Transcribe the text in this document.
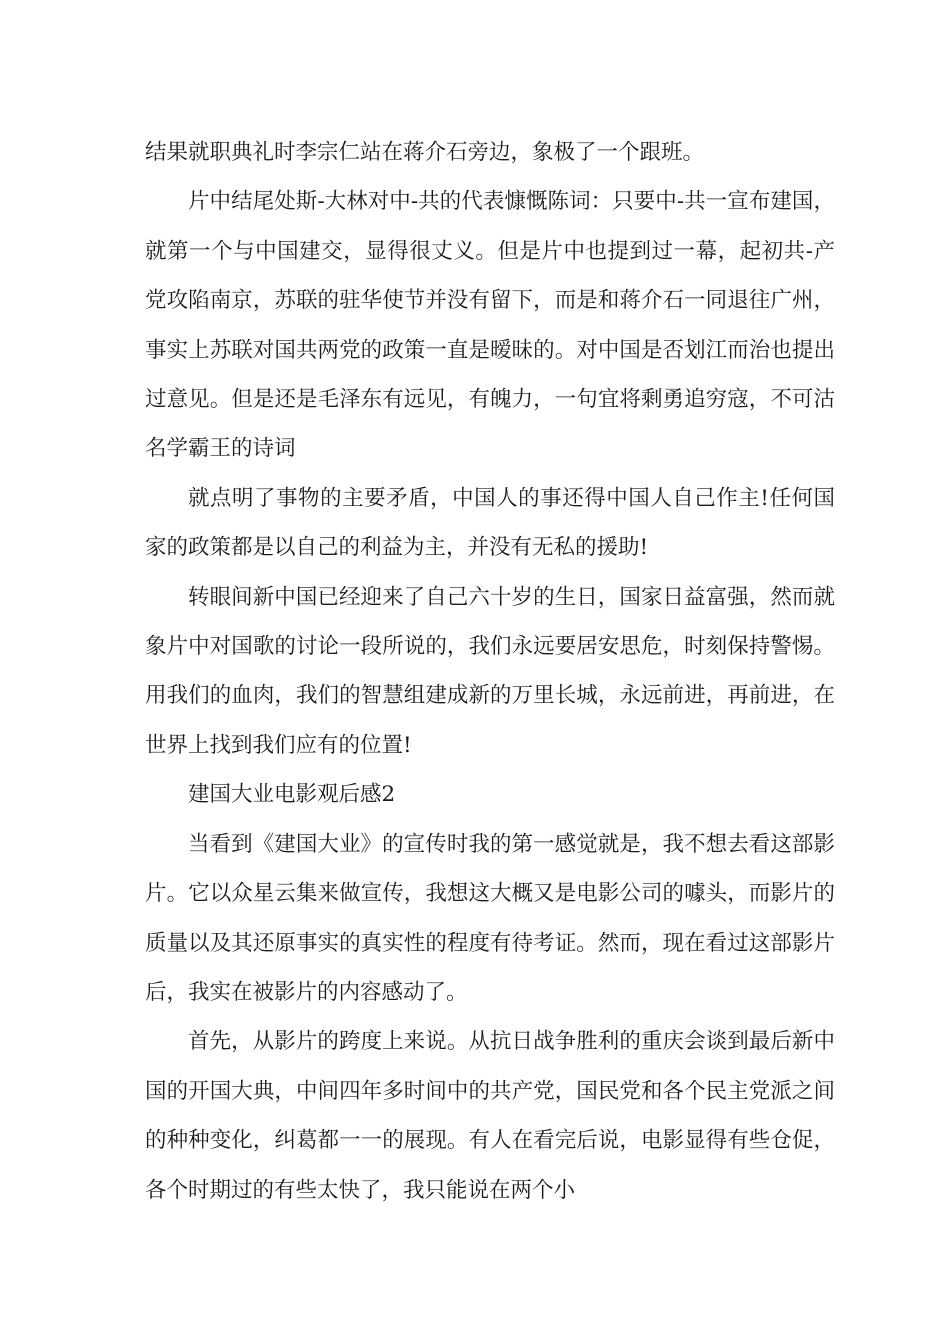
结果就职典礼时李宗仁站在蒋介石旁边，象极了一个跟班。

片中结尾处斯-大林对中-共的代表慷慨陈词：只要中-共一宣布建国，就第一个与中国建交，显得很丈义。但是片中也提到过一幕，起初共-产党攻陷南京，苏联的驻华使节并没有留下，而是和蒋介石一同退往广州，事实上苏联对国共两党的政策一直是暧昧的。对中国是否划江而治也提出过意见。但是还是毛泽东有远见，有魄力，一句宜将剩勇追穷寇，不可沽名学霸王的诗词

就点明了事物的主要矛盾，中国人的事还得中国人自己作主!任何国家的政策都是以自己的利益为主，并没有无私的援助!

转眼间新中国已经迎来了自己六十岁的生日，国家日益富强，然而就象片中对国歌的讨论一段所说的，我们永远要居安思危，时刻保持警惕。用我们的血肉，我们的智慧组建成新的万里长城，永远前进，再前进，在世界上找到我们应有的位置!

建国大业电影观后感2

当看到《建国大业》的宣传时我的第一感觉就是，我不想去看这部影片。它以众星云集来做宣传，我想这大概又是电影公司的噱头，而影片的质量以及其还原事实的真实性的程度有待考证。然而，现在看过这部影片后，我实在被影片的内容感动了。

首先，从影片的跨度上来说。从抗日战争胜利的重庆会谈到最后新中国的开国大典，中间四年多时间中的共产党，国民党和各个民主党派之间的种种变化，纠葛都一一的展现。有人在看完后说，电影显得有些仓促，各个时期过的有些太快了，我只能说在两个小
